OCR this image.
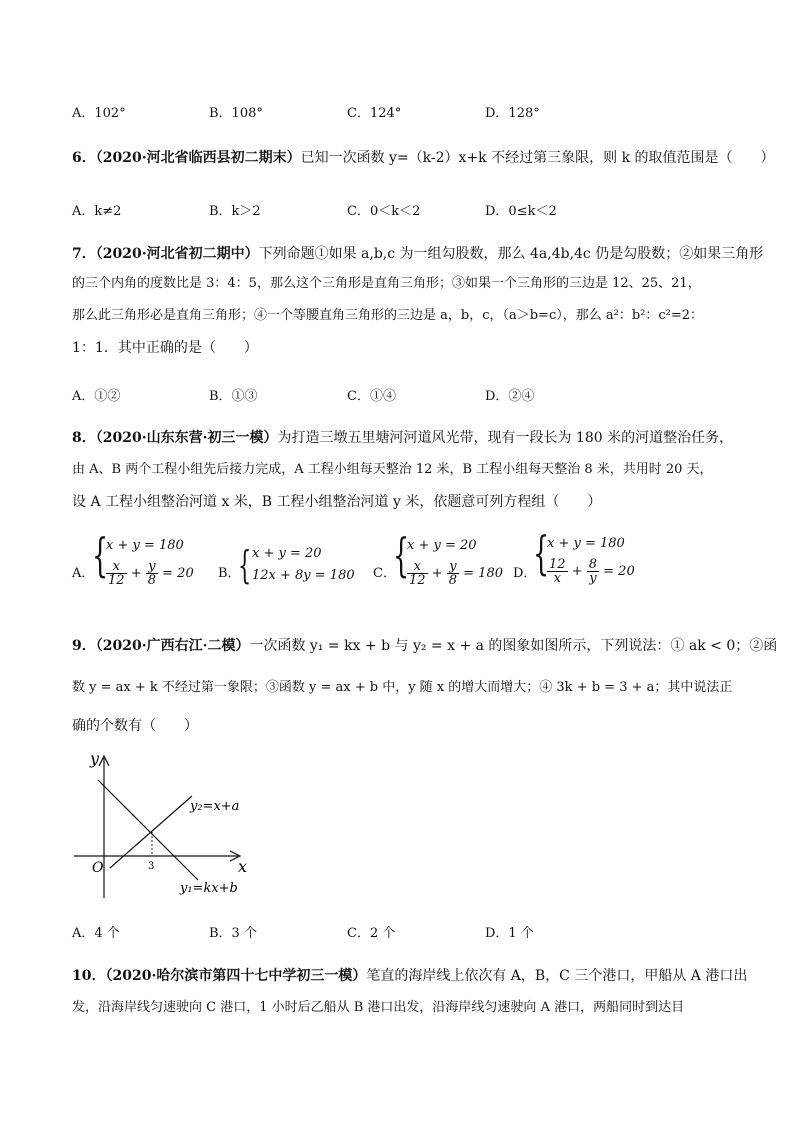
A．102°	B．108°	C．124°	D．128°
6．（2020·河北省临西县初二期末）已知一次函数 y=（k-2）x+k 不经过第三象限，则 k 的取值范围是（　　）
A．k≠2	B．k＞2	C．0＜k＜2	D．0≤k＜2
7．（2020·河北省初二期中）下列命题①如果 a,b,c 为一组勾股数，那么 4a,4b,4c 仍是勾股数；②如果三角形
的三个内角的度数比是 3：4：5，那么这个三角形是直角三角形；③如果一个三角形的三边是 12、25、21，
那么此三角形必是直角三角形；④一个等腰直角三角形的三边是 a，b，c，（a＞b=c），那么 a²：b²：c²=2：
1：1．其中正确的是（　　）
A．①②	B．①③	C．①④	D．②④
8．（2020·山东东营·初三一模）为打造三墩五里塘河河道风光带，现有一段长为 180 米的河道整治任务，
由 A、B 两个工程小组先后接力完成，A 工程小组每天整治 12 米，B 工程小组每天整治 8 米，共用时 20 天，
设 A 工程小组整治河道 x 米，B 工程小组整治河道 y 米，依题意可列方程组（　　）
A．
{
x + y = 180
$\frac{x}{12} + \frac{y}{8} = 20$ B．
{ x + y = 20
12x + 8y = 180 C．
{
x + y = 20
$\frac{x}{12} + \frac{y}{8} = 180$ D．
{
x + y = 180
$\frac{12}{x} + \frac{8}{y} = 20$
9．（2020·广西右江·二模）一次函数 y₁ = kx + b 与 y₂ = x + a 的图象如图所示，下列说法：① ak < 0；②函
数 y = ax + k 不经过第一象限；③函数 y = ax + b 中，y 随 x 的增大而增大；④ 3k + b = 3 + a；其中说法正
确的个数有（　　）
y
x
O	3
y₂=x+a
y₁=kx+b
A．4 个	B．3 个	C．2 个	D．1 个
10．（2020·哈尔滨市第四十七中学初三一模）笔直的海岸线上依次有 A，B，C 三个港口，甲船从 A 港口出
发，沿海岸线匀速驶向 C 港口，1 小时后乙船从 B 港口出发，沿海岸线匀速驶向 A 港口，两船同时到达目
